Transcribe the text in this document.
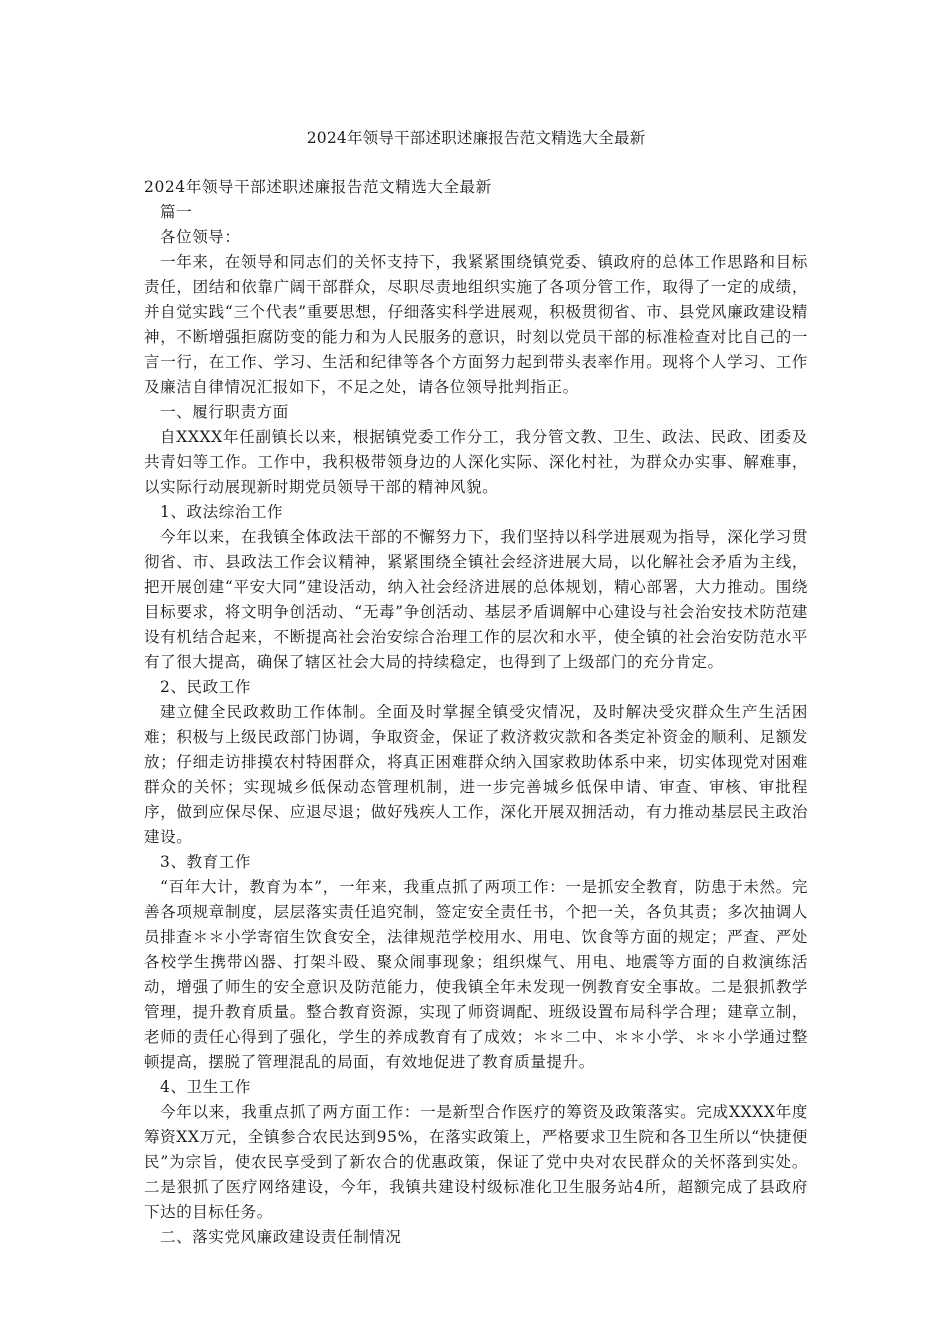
2024年领导干部述职述廉报告范文精选大全最新

2024年领导干部述职述廉报告范文精选大全最新

篇一

各位领导：

一年来，在领导和同志们的关怀支持下，我紧紧围绕镇党委、镇政府的总体工作思路和目标责任，团结和依靠广阔干部群众，尽职尽责地组织实施了各项分管工作，取得了一定的成绩，并自觉实践“三个代表”重要思想，仔细落实科学进展观，积极贯彻省、市、县党风廉政建设精神，不断增强拒腐防变的能力和为人民服务的意识，时刻以党员干部的标准检查对比自己的一言一行，在工作、学习、生活和纪律等各个方面努力起到带头表率作用。现将个人学习、工作及廉洁自律情况汇报如下，不足之处，请各位领导批判指正。

一、履行职责方面

自XXXX年任副镇长以来，根据镇党委工作分工，我分管文教、卫生、政法、民政、团委及共青妇等工作。工作中，我积极带领身边的人深化实际、深化村社，为群众办实事、解难事，以实际行动展现新时期党员领导干部的精神风貌。

1、政法综治工作

今年以来，在我镇全体政法干部的不懈努力下，我们坚持以科学进展观为指导，深化学习贯彻省、市、县政法工作会议精神，紧紧围绕全镇社会经济进展大局，以化解社会矛盾为主线，把开展创建“平安大同”建设活动，纳入社会经济进展的总体规划，精心部署，大力推动。围绕目标要求，将文明争创活动、“无毒”争创活动、基层矛盾调解中心建设与社会治安技术防范建设有机结合起来，不断提高社会治安综合治理工作的层次和水平，使全镇的社会治安防范水平有了很大提高，确保了辖区社会大局的持续稳定，也得到了上级部门的充分肯定。

2、民政工作

建立健全民政救助工作体制。全面及时掌握全镇受灾情况，及时解决受灾群众生产生活困难；积极与上级民政部门协调，争取资金，保证了救济救灾款和各类定补资金的顺利、足额发放；仔细走访排摸农村特困群众，将真正困难群众纳入国家救助体系中来，切实体现党对困难群众的关怀；实现城乡低保动态管理机制，进一步完善城乡低保申请、审查、审核、审批程序，做到应保尽保、应退尽退；做好残疾人工作，深化开展双拥活动，有力推动基层民主政治建设。

3、教育工作

“百年大计，教育为本”，一年来，我重点抓了两项工作：一是抓安全教育，防患于未然。完善各项规章制度，层层落实责任追究制，签定安全责任书，个把一关，各负其责；多次抽调人员排查＊＊小学寄宿生饮食安全，法律规范学校用水、用电、饮食等方面的规定；严查、严处各校学生携带凶器、打架斗殴、聚众闹事现象；组织煤气、用电、地震等方面的自救演练活动，增强了师生的安全意识及防范能力，使我镇全年未发现一例教育安全事故。二是狠抓教学管理，提升教育质量。整合教育资源，实现了师资调配、班级设置布局科学合理；建章立制，老师的责任心得到了强化，学生的养成教育有了成效；＊＊二中、＊＊小学、＊＊小学通过整顿提高，摆脱了管理混乱的局面，有效地促进了教育质量提升。

4、卫生工作

今年以来，我重点抓了两方面工作：一是新型合作医疗的筹资及政策落实。完成XXXX年度筹资XX万元，全镇参合农民达到95%，在落实政策上，严格要求卫生院和各卫生所以“快捷便民”为宗旨，使农民享受到了新农合的优惠政策，保证了党中央对农民群众的关怀落到实处。二是狠抓了医疗网络建设，今年，我镇共建设村级标准化卫生服务站4所，超额完成了县政府下达的目标任务。

二、落实党风廉政建设责任制情况
